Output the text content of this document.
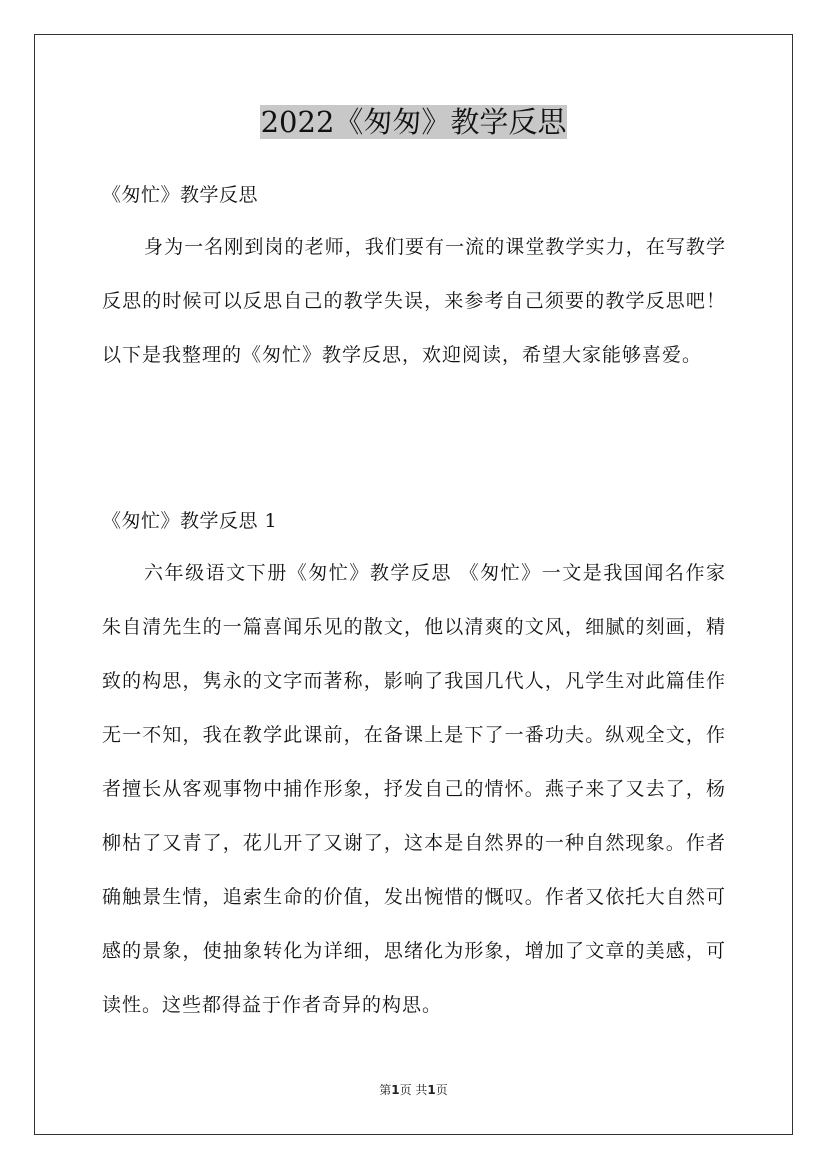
2022《匆匆》教学反思
《匆忙》教学反思

身为一名刚到岗的老师，我们要有一流的课堂教学实力，在写教学反思的时候可以反思自己的教学失误，来参考自己须要的教学反思吧！以下是我整理的《匆忙》教学反思，欢迎阅读，希望大家能够喜爱。

《匆忙》教学反思 1

六年级语文下册《匆忙》教学反思 《匆忙》一文是我国闻名作家朱自清先生的一篇喜闻乐见的散文，他以清爽的文风，细腻的刻画，精致的构思，隽永的文字而著称，影响了我国几代人，凡学生对此篇佳作无一不知，我在教学此课前，在备课上是下了一番功夫。纵观全文，作者擅长从客观事物中捕作形象，抒发自己的情怀。燕子来了又去了，杨柳枯了又青了，花儿开了又谢了，这本是自然界的一种自然现象。作者确触景生情，追索生命的价值，发出惋惜的慨叹。作者又依托大自然可感的景象，使抽象转化为详细，思绪化为形象，增加了文章的美感，可读性。这些都得益于作者奇异的构思。

第1页 共1页
